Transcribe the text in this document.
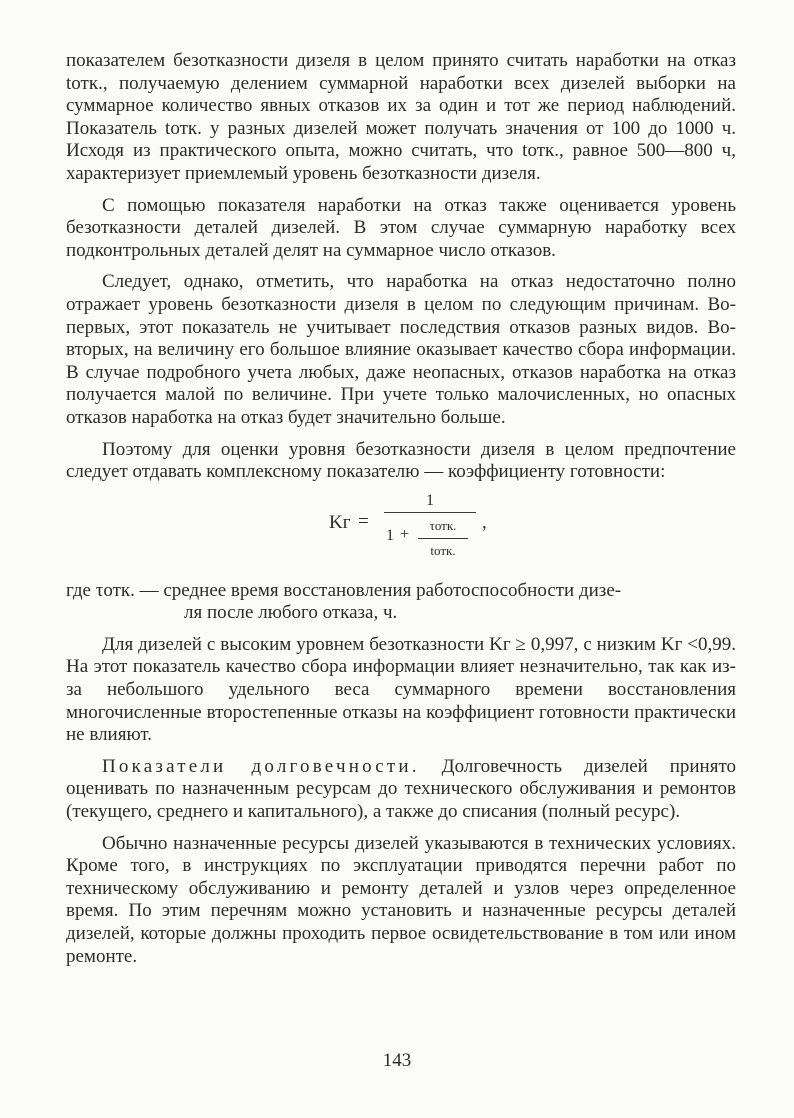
показателем безотказности дизеля в целом принято считать наработки на отказ tотк., получаемую делением суммарной наработки всех дизелей выборки на суммарное количество явных отказов их за один и тот же период наблюдений. Показатель tотк. у разных дизелей может получать значения от 100 до 1000 ч. Исходя из практического опыта, можно считать, что tотк., равное 500—800 ч, характеризует приемлемый уровень безотказности дизеля.

С помощью показателя наработки на отказ также оценивается уровень безотказности деталей дизелей. В этом случае суммарную наработку всех подконтрольных деталей делят на суммарное число отказов.

Следует, однако, отметить, что наработка на отказ недостаточно полно отражает уровень безотказности дизеля в целом по следующим причинам. Во-первых, этот показатель не учитывает последствия отказов разных видов. Во-вторых, на величину его большое влияние оказывает качество сбора информации. В случае подробного учета любых, даже неопасных, отказов наработка на отказ получается малой по величине. При учете только малочисленных, но опасных отказов наработка на отказ будет значительно больше.

Поэтому для оценки уровня безотказности дизеля в целом предпочтение следует отдавать комплексному показателю — коэффициенту готовности:

Kг =
1
1 +
τотк.
tотк.
,
где τотк. — среднее время восстановления работоспособности дизе-
ля после любого отказа, ч.

Для дизелей с высоким уровнем безотказности Kг ≥ 0,997, с низким Kг <0,99. На этот показатель качество сбора информации влияет незначительно, так как из-за небольшого удельного веса суммарного времени восстановления многочисленные второстепенные отказы на коэффициент готовности практически не влияют.

Показатели долговечности. Долговечность дизелей принято оценивать по назначенным ресурсам до технического обслуживания и ремонтов (текущего, среднего и капитального), а также до списания (полный ресурс).

Обычно назначенные ресурсы дизелей указываются в технических условиях. Кроме того, в инструкциях по эксплуатации приводятся перечни работ по техническому обслуживанию и ремонту деталей и узлов через определенное время. По этим перечням можно установить и назначенные ресурсы деталей дизелей, которые должны проходить первое освидетельствование в том или ином ремонте.

143
